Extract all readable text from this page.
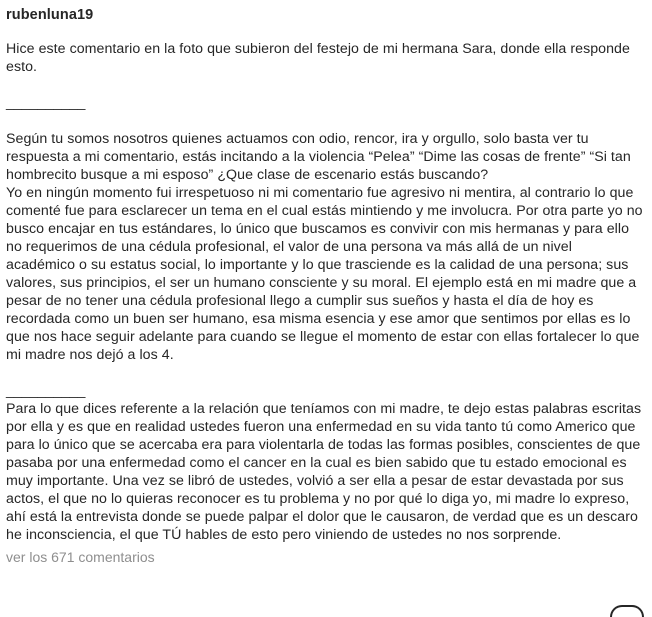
rubenluna19

Hice este comentario en la foto que subieron del festejo de mi hermana Sara, donde ella responde esto.

__________

Según tu somos nosotros quienes actuamos con odio, rencor, ira y orgullo, solo basta ver tu respuesta a mi comentario, estás incitando a la violencia “Pelea” “Dime las cosas de frente” “Si tan hombrecito busque a mi esposo” ¿Que clase de escenario estás buscando?

Yo en ningún momento fui irrespetuoso ni mi comentario fue agresivo ni mentira, al contrario lo que comenté fue para esclarecer un tema en el cual estás mintiendo y me involucra. Por otra parte yo no busco encajar en tus estándares, lo único que buscamos es convivir con mis hermanas y para ello no requerimos de una cédula profesional, el valor de una persona va más allá de un nivel académico o su estatus social, lo importante y lo que trasciende es la calidad de una persona; sus valores, sus principios, el ser un humano consciente y su moral. El ejemplo está en mi madre que a pesar de no tener una cédula profesional llego a cumplir sus sueños y hasta el día de hoy es recordada como un buen ser humano, esa misma esencia y ese amor que sentimos por ellas es lo que nos hace seguir adelante para cuando se llegue el momento de estar con ellas fortalecer lo que mi madre nos dejó a los 4.

__________

Para lo que dices referente a la relación que teníamos con mi madre, te dejo estas palabras escritas por ella y es que en realidad ustedes fueron una enfermedad en su vida tanto tú como Americo que para lo único que se acercaba era para violentarla de todas las formas posibles, conscientes de que pasaba por una enfermedad como el cancer en la cual es bien sabido que tu estado emocional es muy importante. Una vez se libró de ustedes, volvió a ser ella a pesar de estar devastada por sus actos, el que no lo quieras reconocer es tu problema y no por qué lo diga yo, mi madre lo expreso, ahí está la entrevista donde se puede palpar el dolor que le causaron, de verdad que es un descaro he inconsciencia, el que TÚ hables de esto pero viniendo de ustedes no nos sorprende.

ver los 671 comentarios
